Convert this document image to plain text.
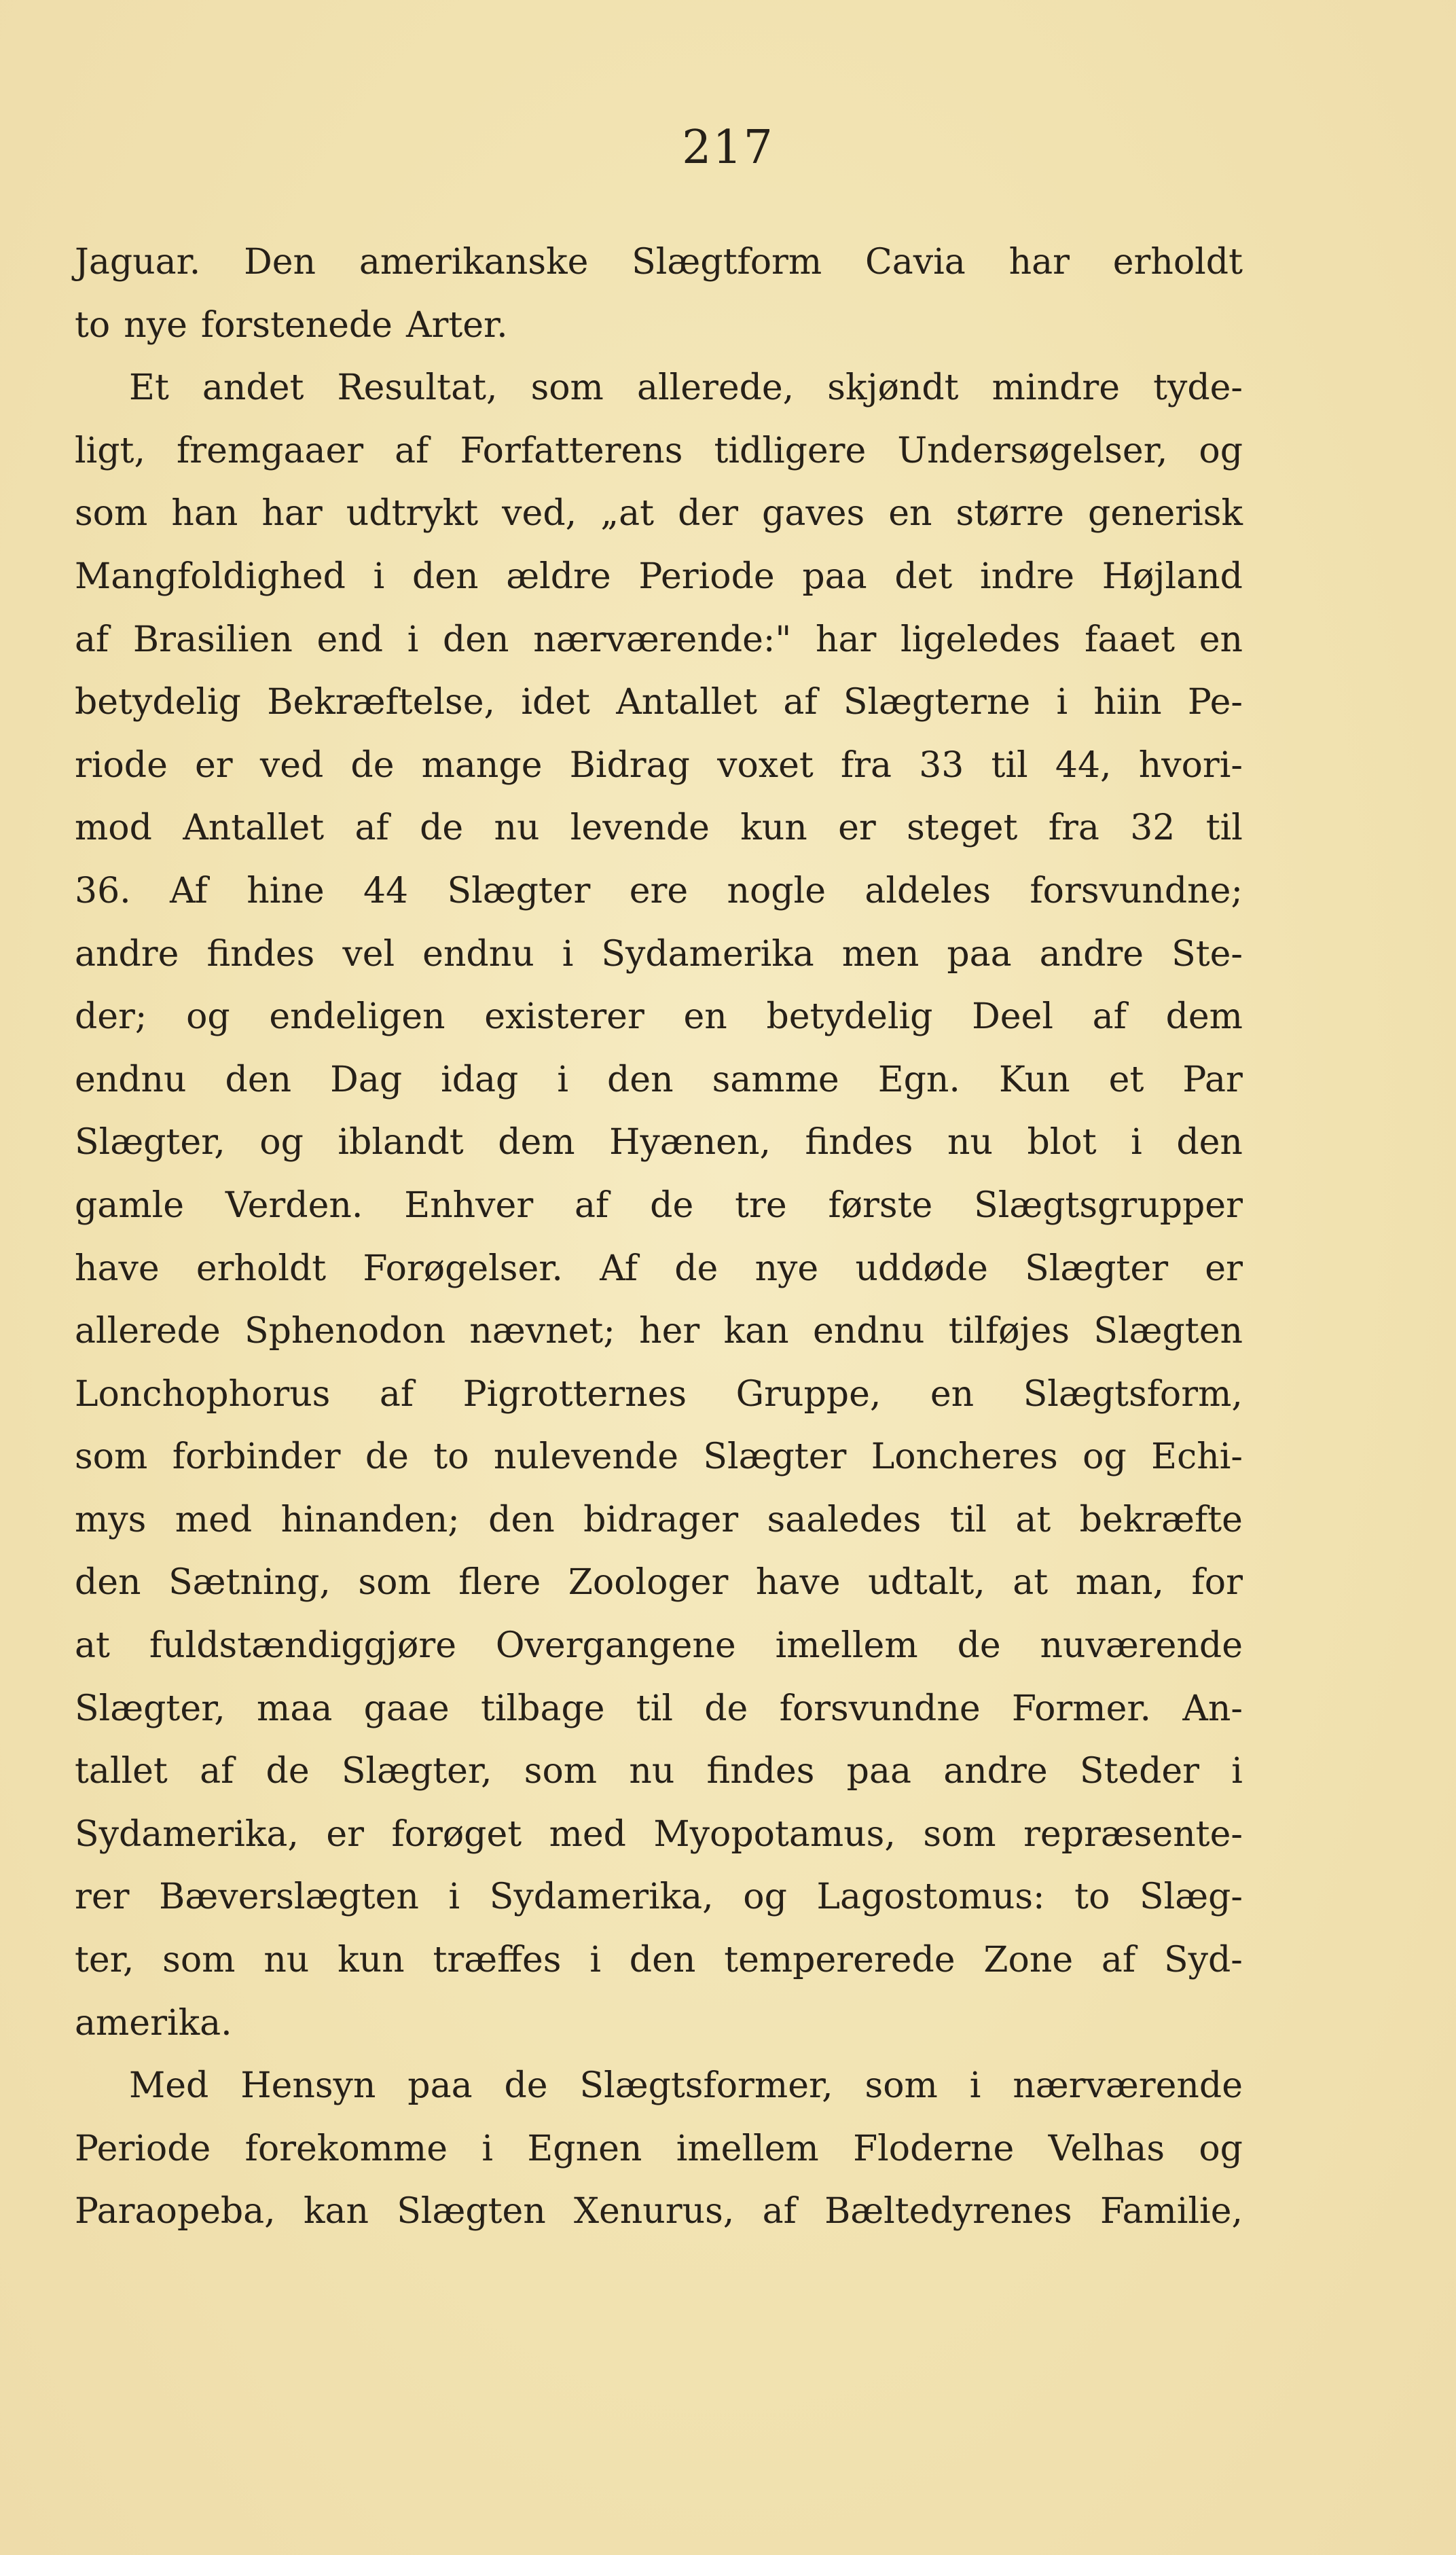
217
Jaguar. Den amerikanske Slægtform Cavia har erholdt
to nye forstenede Arter.
Et andet Resultat, som allerede, skjøndt mindre tyde-
ligt, fremgaaer af Forfatterens tidligere Undersøgelser, og
som han har udtrykt ved, „at der gaves en større generisk
Mangfoldighed i den ældre Periode paa det indre Højland
af Brasilien end i den nærværende:" har ligeledes faaet en
betydelig Bekræftelse, idet Antallet af Slægterne i hiin Pe-
riode er ved de mange Bidrag voxet fra 33 til 44, hvori-
mod Antallet af de nu levende kun er steget fra 32 til
36. Af hine 44 Slægter ere nogle aldeles forsvundne;
andre findes vel endnu i Sydamerika men paa andre Ste-
der; og endeligen existerer en betydelig Deel af dem
endnu den Dag idag i den samme Egn. Kun et Par
Slægter, og iblandt dem Hyænen, findes nu blot i den
gamle Verden. Enhver af de tre første Slægtsgrupper
have erholdt Forøgelser. Af de nye uddøde Slægter er
allerede Sphenodon nævnet; her kan endnu tilføjes Slægten
Lonchophorus af Pigrotternes Gruppe, en Slægtsform,
som forbinder de to nulevende Slægter Loncheres og Echi-
mys med hinanden; den bidrager saaledes til at bekræfte
den Sætning, som flere Zoologer have udtalt, at man, for
at fuldstændiggjøre Overgangene imellem de nuværende
Slægter, maa gaae tilbage til de forsvundne Former. An-
tallet af de Slægter, som nu findes paa andre Steder i
Sydamerika, er forøget med Myopotamus, som repræsente-
rer Bæverslægten i Sydamerika, og Lagostomus: to Slæg-
ter, som nu kun træffes i den tempererede Zone af Syd-
amerika.
Med Hensyn paa de Slægtsformer, som i nærværende
Periode forekomme i Egnen imellem Floderne Velhas og
Paraopeba, kan Slægten Xenurus, af Bæltedyrenes Familie,
